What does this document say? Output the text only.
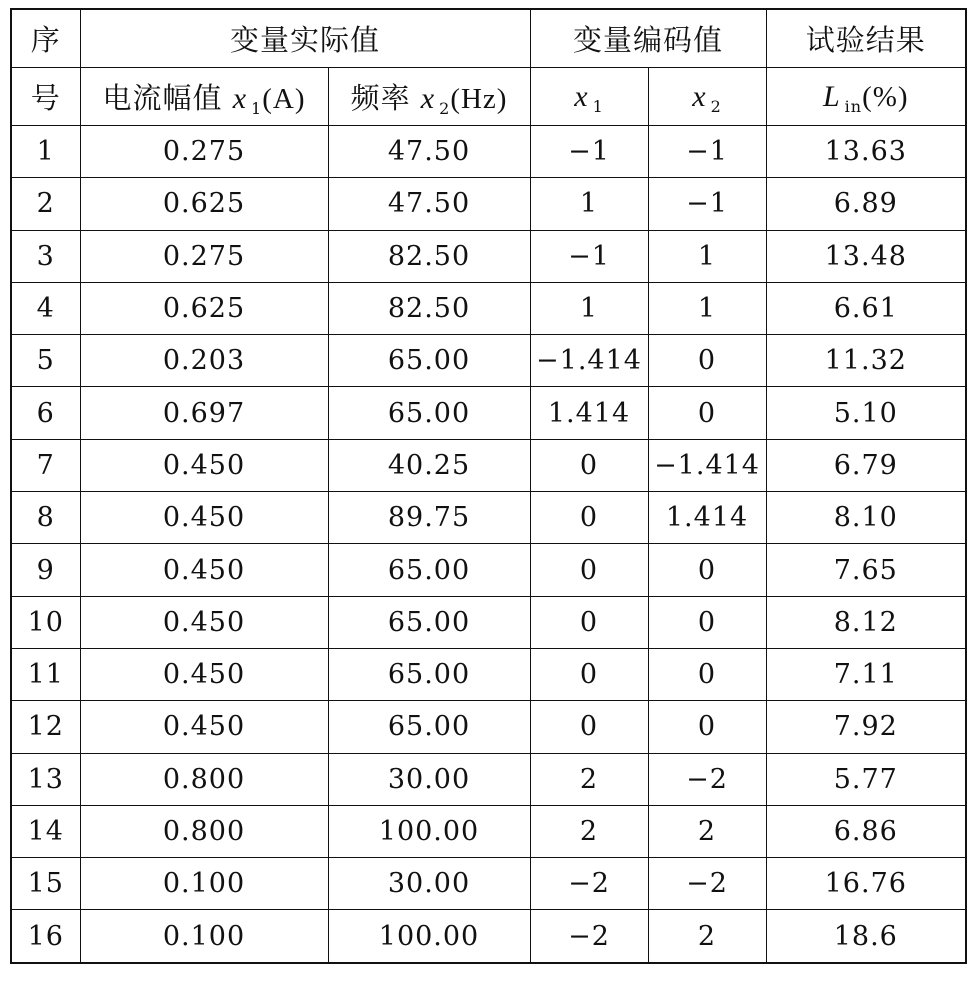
序	变量实际值		变量编码值		试验结果
号	电流幅值 x $_1$(A)	频率 x $_2$(Hz)	x $_1$	x $_2$	L $_{in}$(%)
1	0.275	47.50	−1	−1	13.63
2	0.625	47.50	1	−1	6.89
3	0.275	82.50	−1	1	13.48
4	0.625	82.50	1	1	6.61
5	0.203	65.00	−1.414	0	11.32
6	0.697	65.00	1.414	0	5.10
7	0.450	40.25	0	−1.414	6.79
8	0.450	89.75	0	1.414	8.10
9	0.450	65.00	0	0	7.65
10	0.450	65.00	0	0	8.12
11	0.450	65.00	0	0	7.11
12	0.450	65.00	0	0	7.92
13	0.800	30.00	2	−2	5.77
14	0.800	100.00	2	2	6.86
15	0.100	30.00	−2	−2	16.76
16	0.100	100.00	−2	2	18.6
